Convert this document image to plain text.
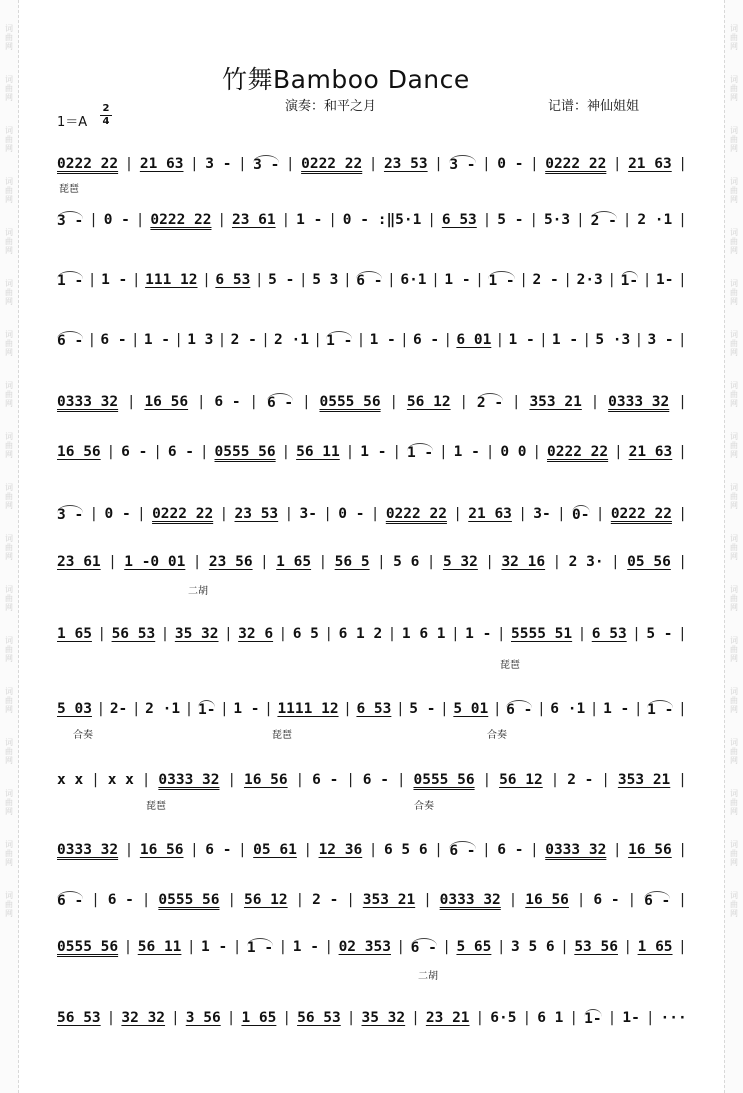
词
曲
网
词
曲
网
词
曲
网
词
曲
网
词
曲
网
词
曲
网
词
曲
网
词
曲
网
词
曲
网
词
曲
网
词
曲
网
词
曲
网
词
曲
网
词
曲
网
词
曲
网
词
曲
网
词
曲
网
词
曲
网
词
曲
网
词
曲
网
词
曲
网
词
曲
网
词
曲
网
词
曲
网
词
曲
网
词
曲
网
词
曲
网
词
曲
网
词
曲
网
词
曲
网
词
曲
网
词
曲
网
词
曲
网
词
曲
网
词
曲
网
词
曲
网
竹舞Bamboo Dance
演奏：和平之月	记谱：神仙姐姐
1＝A
2
4
0222 22 | 21 63 | 3 - | 3 - | 0222 22 | 23 53 | 3 - | 0 - | 0222 22 | 21 63 |
3 - | 0 - | 0222 22 | 23 61 | 1 - | 0 - :‖5·1 | 6 53 | 5 - | 5·3 | 2 - | 2 ·1 |
1 - | 1 - | 111 12 | 6 53 | 5 - | 5 3 | 6 - | 6·1 | 1 - | 1 - | 2 - | 2·3 | 1- | 1- |
6 - | 6 - | 1 - | 1 3 | 2 - | 2 ·1 | 1 - | 1 - | 6 - | 6 01 | 1 - | 1 - | 5 ·3 | 3 - |
0333 32 | 16 56 | 6 - | 6 - | 0555 56 | 56 12 | 2 - | 353 21 | 0333 32 |
16 56 | 6 - | 6 - | 0555 56 | 56 11 | 1 - | 1 - | 1 - | 0 0 | 0222 22 | 21 63 |
3 - | 0 - | 0222 22 | 23 53 | 3- | 0 - | 0222 22 | 21 63 | 3- | 0- | 0222 22 |
23 61 | 1 -0 01 | 23 56 | 1 65 | 56 5 | 5 6 | 5 32 | 32 16 | 2 3· | 05 56 |
1 65 | 56 53 | 35 32 | 32 6 | 6 5 | 6 1 2 | 1 6 1 | 1 - | 5555 51 | 6 53 | 5 - |
5 03 | 2- | 2 ·1 | 1- | 1 - | 1111 12 | 6 53 | 5 - | 5 01 | 6 - | 6 ·1 | 1 - | 1 - |
x x | x x | 0333 32 | 16 56 | 6 - | 6 - | 0555 56 | 56 12 | 2 - | 353 21 |
0333 32 | 16 56 | 6 - | 05 61 | 12 36 | 6 5 6 | 6 - | 6 - | 0333 32 | 16 56 |
6 - | 6 - | 0555 56 | 56 12 | 2 - | 353 21 | 0333 32 | 16 56 | 6 - | 6 - |
0555 56 | 56 11 | 1 - | 1 - | 1 - | 02 353 | 6 - | 5 65 | 3 5 6 | 53 56 | 1 65 |
56 53 | 32 32 | 3 56 | 1 65 | 56 53 | 35 32 | 23 21 | 6·5 | 6 1 | 1- | 1- | ···
琵琶
二胡
琵琶
合奏	琵琶	合奏
琵琶	合奏
二胡
